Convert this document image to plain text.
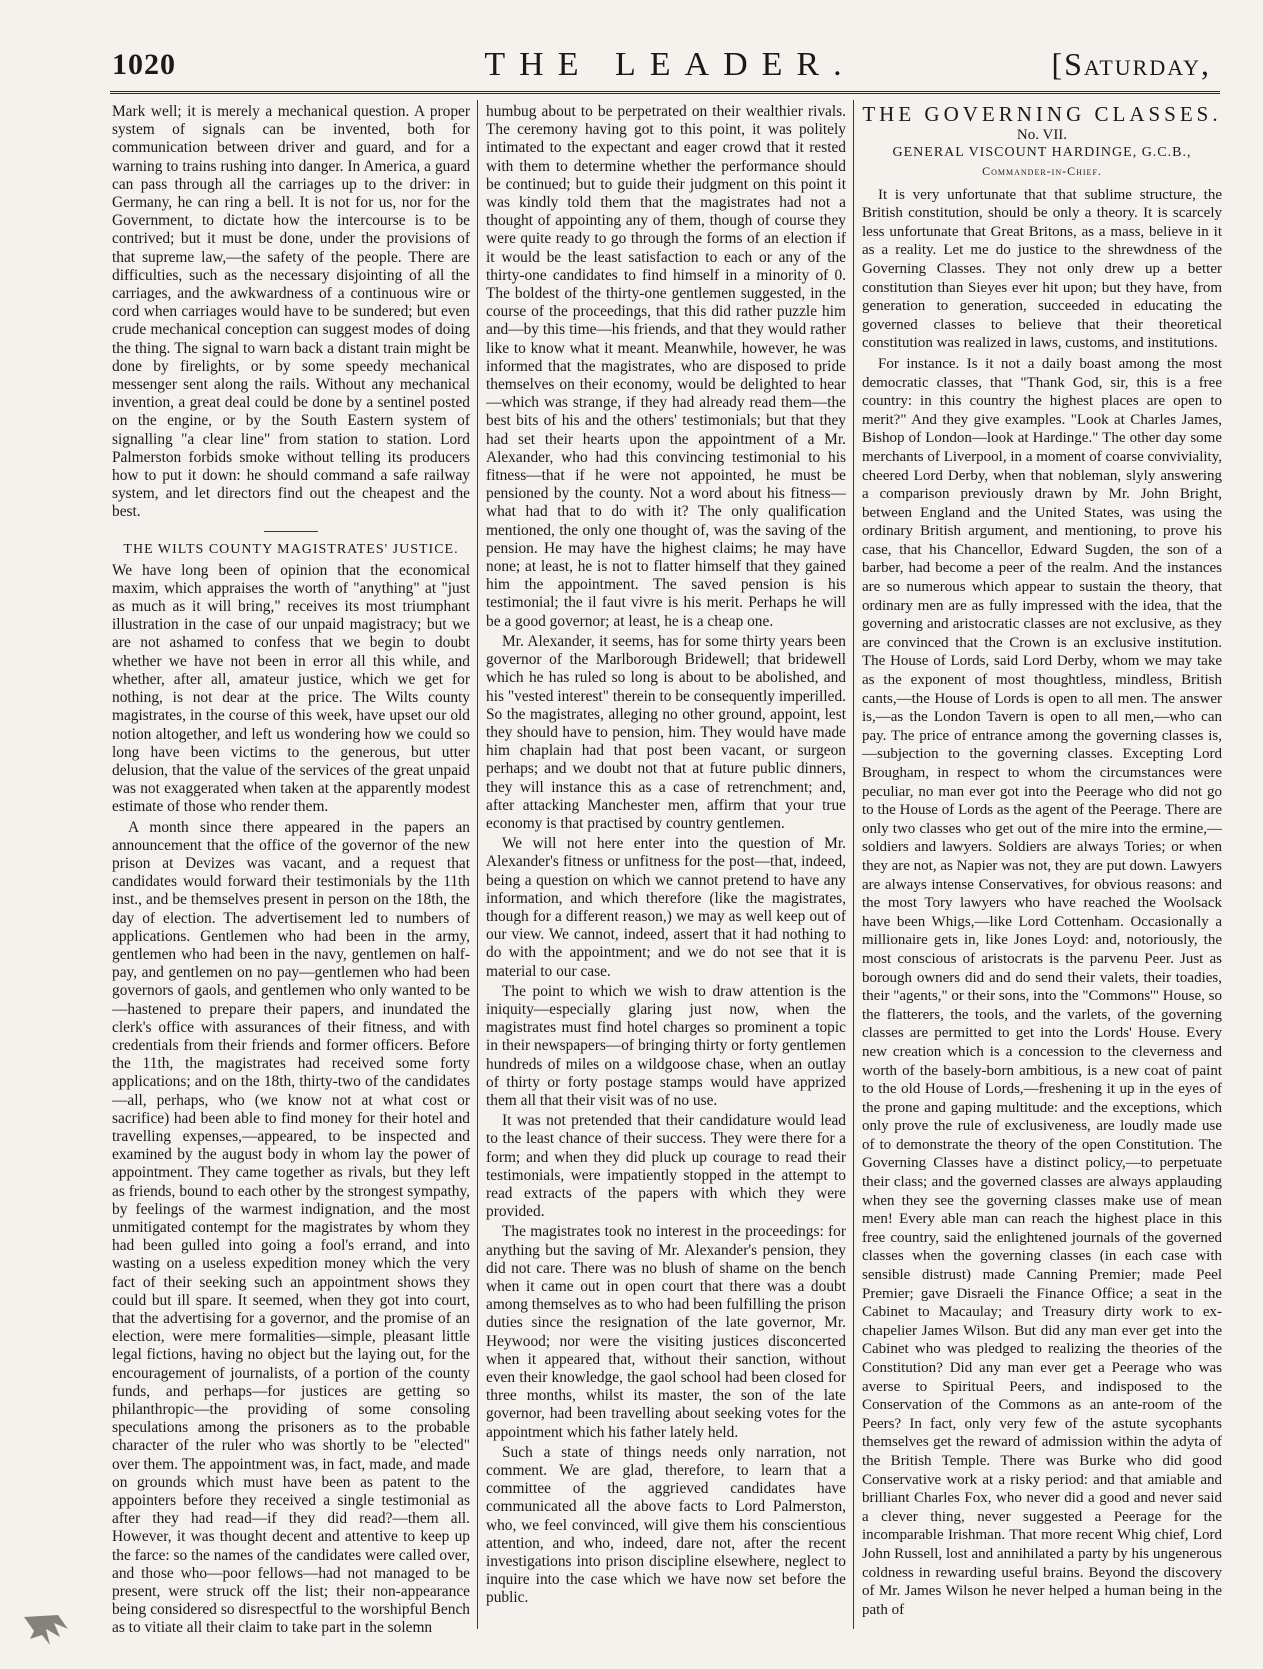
1020	THE LEADER.	[Saturday,

Mark well; it is merely a mechanical question. A proper system of signals can be invented, both for communication between driver and guard, and for a warning to trains rushing into danger. In America, a guard can pass through all the carriages up to the driver: in Germany, he can ring a bell. It is not for us, nor for the Government, to dictate how the intercourse is to be contrived; but it must be done, under the provisions of that supreme law,—the safety of the people. There are difficulties, such as the necessary disjointing of all the carriages, and the awkwardness of a continuous wire or cord when carriages would have to be sundered; but even crude mechanical conception can suggest modes of doing the thing. The signal to warn back a distant train might be done by firelights, or by some speedy mechanical messenger sent along the rails. Without any mechanical invention, a great deal could be done by a sentinel posted on the engine, or by the South Eastern system of signalling "a clear line" from station to station. Lord Palmerston forbids smoke without telling its producers how to put it down: he should command a safe railway system, and let directors find out the cheapest and the best.

THE WILTS COUNTY MAGISTRATES' JUSTICE.

We have long been of opinion that the economical maxim, which appraises the worth of "anything" at "just as much as it will bring," receives its most triumphant illustration in the case of our unpaid magistracy; but we are not ashamed to confess that we begin to doubt whether we have not been in error all this while, and whether, after all, amateur justice, which we get for nothing, is not dear at the price. The Wilts county magistrates, in the course of this week, have upset our old notion altogether, and left us wondering how we could so long have been victims to the generous, but utter delusion, that the value of the services of the great unpaid was not exaggerated when taken at the apparently modest estimate of those who render them.

A month since there appeared in the papers an announcement that the office of the governor of the new prison at Devizes was vacant, and a request that candidates would forward their testimonials by the 11th inst., and be themselves present in person on the 18th, the day of election. The advertisement led to numbers of applications. Gentlemen who had been in the army, gentlemen who had been in the navy, gentlemen on half-pay, and gentlemen on no pay—gentlemen who had been governors of gaols, and gentlemen who only wanted to be—hastened to prepare their papers, and inundated the clerk's office with assurances of their fitness, and with credentials from their friends and former officers. Before the 11th, the magistrates had received some forty applications; and on the 18th, thirty-two of the candidates—all, perhaps, who (we know not at what cost or sacrifice) had been able to find money for their hotel and travelling expenses,—appeared, to be inspected and examined by the august body in whom lay the power of appointment. They came together as rivals, but they left as friends, bound to each other by the strongest sympathy, by feelings of the warmest indignation, and the most unmitigated contempt for the magistrates by whom they had been gulled into going a fool's errand, and into wasting on a useless expedition money which the very fact of their seeking such an appointment shows they could but ill spare. It seemed, when they got into court, that the advertising for a governor, and the promise of an election, were mere formalities—simple, pleasant little legal fictions, having no object but the laying out, for the encouragement of journalists, of a portion of the county funds, and perhaps—for justices are getting so philanthropic—the providing of some consoling speculations among the prisoners as to the probable character of the ruler who was shortly to be "elected" over them. The appointment was, in fact, made, and made on grounds which must have been as patent to the appointers before they received a single testimonial as after they had read—if they did read?—them all. However, it was thought decent and attentive to keep up the farce: so the names of the candidates were called over, and those who—poor fellows—had not managed to be present, were struck off the list; their non-appearance being considered so disrespectful to the worshipful Bench as to vitiate all their claim to take part in the solemn

humbug about to be perpetrated on their wealthier rivals. The ceremony having got to this point, it was politely intimated to the expectant and eager crowd that it rested with them to determine whether the performance should be continued; but to guide their judgment on this point it was kindly told them that the magistrates had not a thought of appointing any of them, though of course they were quite ready to go through the forms of an election if it would be the least satisfaction to each or any of the thirty-one candidates to find himself in a minority of 0. The boldest of the thirty-one gentlemen suggested, in the course of the proceedings, that this did rather puzzle him and—by this time—his friends, and that they would rather like to know what it meant. Meanwhile, however, he was informed that the magistrates, who are disposed to pride themselves on their economy, would be delighted to hear—which was strange, if they had already read them—the best bits of his and the others' testimonials; but that they had set their hearts upon the appointment of a Mr. Alexander, who had this convincing testimonial to his fitness—that if he were not appointed, he must be pensioned by the county. Not a word about his fitness—what had that to do with it? The only qualification mentioned, the only one thought of, was the saving of the pension. He may have the highest claims; he may have none; at least, he is not to flatter himself that they gained him the appointment. The saved pension is his testimonial; the il faut vivre is his merit. Perhaps he will be a good governor; at least, he is a cheap one.

Mr. Alexander, it seems, has for some thirty years been governor of the Marlborough Bridewell; that bridewell which he has ruled so long is about to be abolished, and his "vested interest" therein to be consequently imperilled. So the magistrates, alleging no other ground, appoint, lest they should have to pension, him. They would have made him chaplain had that post been vacant, or surgeon perhaps; and we doubt not that at future public dinners, they will instance this as a case of retrenchment; and, after attacking Manchester men, affirm that your true economy is that practised by country gentlemen.

We will not here enter into the question of Mr. Alexander's fitness or unfitness for the post—that, indeed, being a question on which we cannot pretend to have any information, and which therefore (like the magistrates, though for a different reason,) we may as well keep out of our view. We cannot, indeed, assert that it had nothing to do with the appointment; and we do not see that it is material to our case.

The point to which we wish to draw attention is the iniquity—especially glaring just now, when the magistrates must find hotel charges so prominent a topic in their newspapers—of bringing thirty or forty gentlemen hundreds of miles on a wildgoose chase, when an outlay of thirty or forty postage stamps would have apprized them all that their visit was of no use.

It was not pretended that their candidature would lead to the least chance of their success. They were there for a form; and when they did pluck up courage to read their testimonials, were impatiently stopped in the attempt to read extracts of the papers with which they were provided.

The magistrates took no interest in the proceedings: for anything but the saving of Mr. Alexander's pension, they did not care. There was no blush of shame on the bench when it came out in open court that there was a doubt among themselves as to who had been fulfilling the prison duties since the resignation of the late governor, Mr. Heywood; nor were the visiting justices disconcerted when it appeared that, without their sanction, without even their knowledge, the gaol school had been closed for three months, whilst its master, the son of the late governor, had been travelling about seeking votes for the appointment which his father lately held.

Such a state of things needs only narration, not comment. We are glad, therefore, to learn that a committee of the aggrieved candidates have communicated all the above facts to Lord Palmerston, who, we feel convinced, will give them his conscientious attention, and who, indeed, dare not, after the recent investigations into prison discipline elsewhere, neglect to inquire into the case which we have now set before the public.

THE GOVERNING CLASSES.
No. VII.
GENERAL VISCOUNT HARDINGE, G.C.B.,
Commander-in-Chief.

It is very unfortunate that that sublime structure, the British constitution, should be only a theory. It is scarcely less unfortunate that Great Britons, as a mass, believe in it as a reality. Let me do justice to the shrewdness of the Governing Classes. They not only drew up a better constitution than Sieyes ever hit upon; but they have, from generation to generation, succeeded in educating the governed classes to believe that their theoretical constitution was realized in laws, customs, and institutions.

For instance. Is it not a daily boast among the most democratic classes, that "Thank God, sir, this is a free country: in this country the highest places are open to merit?" And they give examples. "Look at Charles James, Bishop of London—look at Hardinge." The other day some merchants of Liverpool, in a moment of coarse conviviality, cheered Lord Derby, when that nobleman, slyly answering a comparison previously drawn by Mr. John Bright, between England and the United States, was using the ordinary British argument, and mentioning, to prove his case, that his Chancellor, Edward Sugden, the son of a barber, had become a peer of the realm. And the instances are so numerous which appear to sustain the theory, that ordinary men are as fully impressed with the idea, that the governing and aristocratic classes are not exclusive, as they are convinced that the Crown is an exclusive institution. The House of Lords, said Lord Derby, whom we may take as the exponent of most thoughtless, mindless, British cants,—the House of Lords is open to all men. The answer is,—as the London Tavern is open to all men,—who can pay. The price of entrance among the governing classes is,—subjection to the governing classes. Excepting Lord Brougham, in respect to whom the circumstances were peculiar, no man ever got into the Peerage who did not go to the House of Lords as the agent of the Peerage. There are only two classes who get out of the mire into the ermine,—soldiers and lawyers. Soldiers are always Tories; or when they are not, as Napier was not, they are put down. Lawyers are always intense Conservatives, for obvious reasons: and the most Tory lawyers who have reached the Woolsack have been Whigs,—like Lord Cottenham. Occasionally a millionaire gets in, like Jones Loyd: and, notoriously, the most conscious of aristocrats is the parvenu Peer. Just as borough owners did and do send their valets, their toadies, their "agents," or their sons, into the "Commons'" House, so the flatterers, the tools, and the varlets, of the governing classes are permitted to get into the Lords' House. Every new creation which is a concession to the cleverness and worth of the basely-born ambitious, is a new coat of paint to the old House of Lords,—freshening it up in the eyes of the prone and gaping multitude: and the exceptions, which only prove the rule of exclusiveness, are loudly made use of to demonstrate the theory of the open Constitution. The Governing Classes have a distinct policy,—to perpetuate their class; and the governed classes are always applauding when they see the governing classes make use of mean men! Every able man can reach the highest place in this free country, said the enlightened journals of the governed classes when the governing classes (in each case with sensible distrust) made Canning Premier; made Peel Premier; gave Disraeli the Finance Office; a seat in the Cabinet to Macaulay; and Treasury dirty work to ex-chapelier James Wilson. But did any man ever get into the Cabinet who was pledged to realizing the theories of the Constitution? Did any man ever get a Peerage who was averse to Spiritual Peers, and indisposed to the Conservation of the Commons as an ante-room of the Peers? In fact, only very few of the astute sycophants themselves get the reward of admission within the adyta of the British Temple. There was Burke who did good Conservative work at a risky period: and that amiable and brilliant Charles Fox, who never did a good and never said a clever thing, never suggested a Peerage for the incomparable Irishman. That more recent Whig chief, Lord John Russell, lost and annihilated a party by his ungenerous coldness in rewarding useful brains. Beyond the discovery of Mr. James Wilson he never helped a human being in the path of
